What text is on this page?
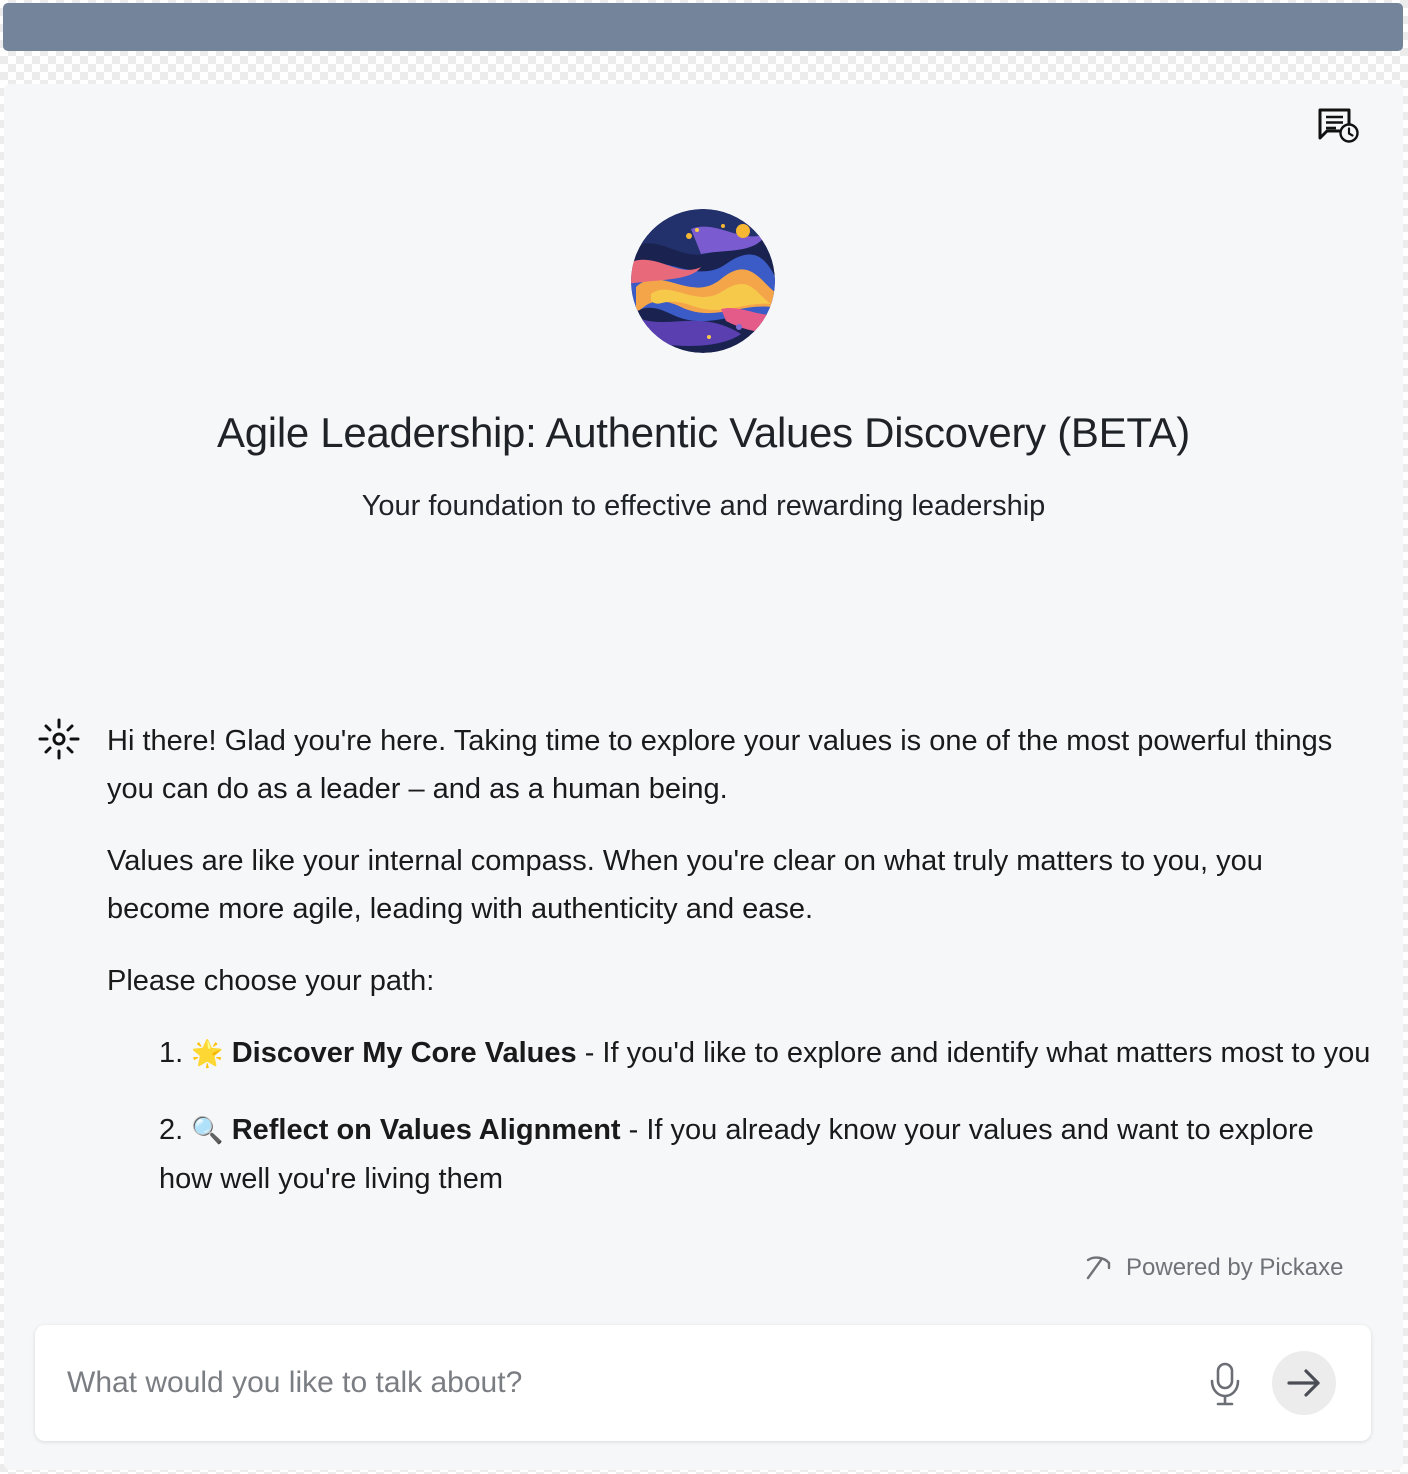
Agile Leadership: Authentic Values Discovery (BETA)
Your foundation to effective and rewarding leadership

Hi there! Glad you're here. Taking time to explore your values is one of the most powerful things you can do as a leader – and as a human being.

Values are like your internal compass. When you're clear on what truly matters to you, you become more agile, leading with authenticity and ease.

Please choose your path:

1. 🌟 Discover My Core Values - If you'd like to explore and identify what matters most to you
2. 🔍 Reflect on Values Alignment - If you already know your values and want to explore how well you're living them
Powered by Pickaxe
What would you like to talk about?
